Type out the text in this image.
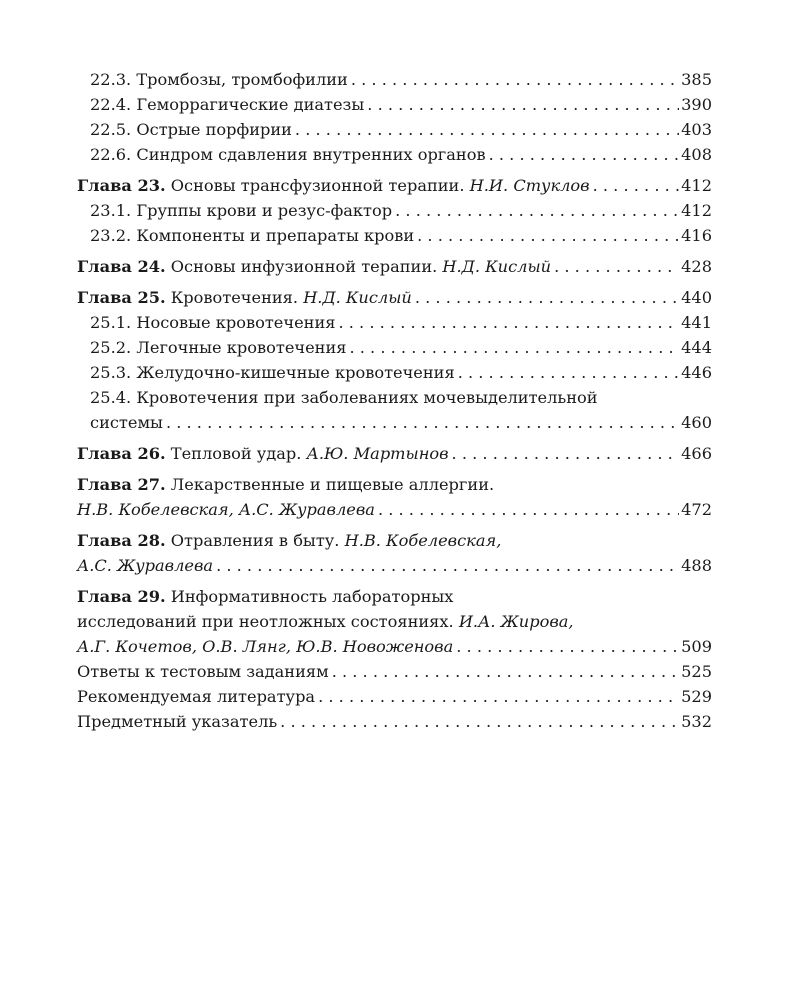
22.3. Тромбозы, тромбофилии . . .	385
22.4. Геморрагические диатезы . . .	390
22.5. Острые порфирии . . .	403
22.6. Синдром сдавления внутренних органов . . .	408
Глава 23. Основы трансфузионной терапии. Н.И. Стуклов . . .	412
23.1. Группы крови и резус-фактор . . .	412
23.2. Компоненты и препараты крови . . .	416
Глава 24. Основы инфузионной терапии. Н.Д. Кислый . . .	428
Глава 25. Кровотечения. Н.Д. Кислый . . .	440
25.1. Носовые кровотечения . . .	441
25.2. Легочные кровотечения . . .	444
25.3. Желудочно-кишечные кровотечения . . .	446
25.4. Кровотечения при заболеваниях мочевыделительной
системы . . .	460
Глава 26. Тепловой удар. А.Ю. Мартынов . . .	466
Глава 27. Лекарственные и пищевые аллергии.
Н.В. Кобелевская, А.С. Журавлева . . .	472
Глава 28. Отравления в быту. Н.В. Кобелевская,
А.С. Журавлева . . .	488
Глава 29. Информативность лабораторных
исследований при неотложных состояниях. И.А. Жирова,
А.Г. Кочетов, О.В. Лянг, Ю.В. Новоженова . . .	509
Ответы к тестовым заданиям . . .	525
Рекомендуемая литература . . .	529
Предметный указатель . . .	532
